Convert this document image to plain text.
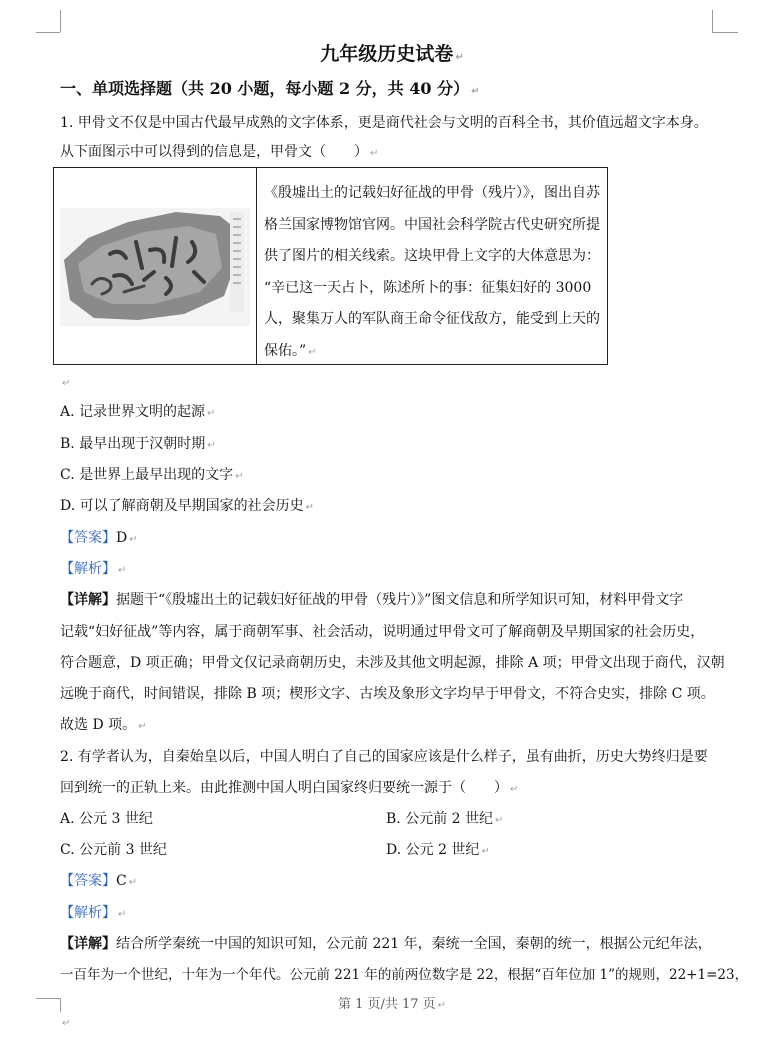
九年级历史试卷 ↵
一、单项选择题（共 20 小题，每小题 2 分，共 40 分） ↵
1. 甲骨文不仅是中国古代最早成熟的文字体系，更是商代社会与文明的百科全书，其价值远超文字本身。
从下面图示中可以得到的信息是，甲骨文（　　） ↵
《殷墟出土的记载妇好征战的甲骨（残片）》，图出自苏
格兰国家博物馆官网。中国社会科学院古代史研究所提
供了图片的相关线索。这块甲骨上文字的大体意思为：
“辛已这一天占卜，陈述所卜的事：征集妇好的 3000
人，聚集万人的军队商王命令征伐敌方，能受到上天的
保佑。” ↵
↵
A. 记录世界文明的起源 ↵
B. 最早出现于汉朝时期 ↵
C. 是世界上最早出现的文字 ↵
D. 可以了解商朝及早期国家的社会历史 ↵
【答案】D ↵
【解析】 ↵
【详解】据题干“《殷墟出土的记载妇好征战的甲骨（残片）》”图文信息和所学知识可知，材料甲骨文字
记载“妇好征战”等内容，属于商朝军事、社会活动，说明通过甲骨文可了解商朝及早期国家的社会历史，
符合题意，D 项正确；甲骨文仅记录商朝历史，未涉及其他文明起源，排除 A 项；甲骨文出现于商代，汉朝
远晚于商代，时间错误，排除 B 项；楔形文字、古埃及象形文字均早于甲骨文，不符合史实，排除 C 项。
故选 D 项。 ↵
2. 有学者认为，自秦始皇以后，中国人明白了自己的国家应该是什么样子，虽有曲折，历史大势终归是要
回到统一的正轨上来。由此推测中国人明白国家终归要统一源于（　　） ↵
A. 公元 3 世纪	B. 公元前 2 世纪 ↵
C. 公元前 3 世纪	D. 公元 2 世纪 ↵
【答案】C ↵
【解析】 ↵
【详解】结合所学秦统一中国的知识可知，公元前 221 年，秦统一全国，秦朝的统一，根据公元纪年法，
一百年为一个世纪，十年为一个年代。公元前 221 年的前两位数字是 22，根据“百年位加 1”的规则，22+1=23，
第 1 页/共 17 页 ↵
↵
